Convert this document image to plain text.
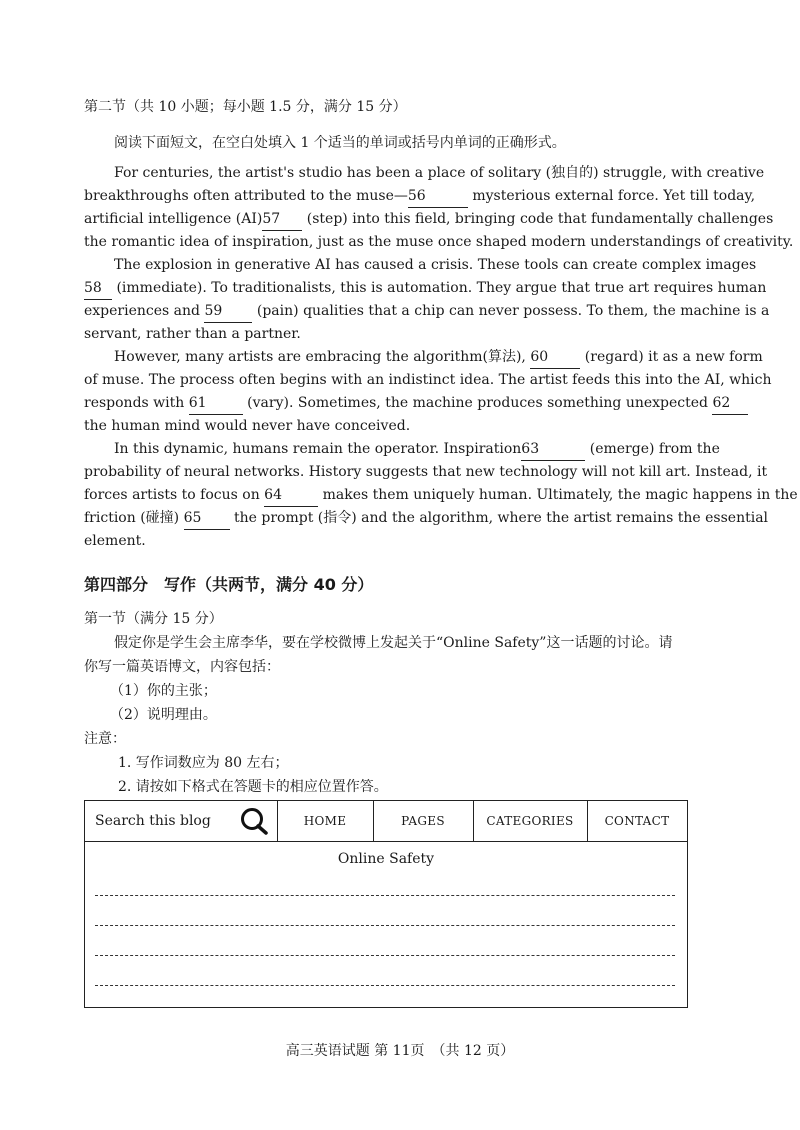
第二节（共 10 小题；每小题 1.5 分，满分 15 分）
阅读下面短文，在空白处填入 1 个适当的单词或括号内单词的正确形式。
For centuries, the artist's studio has been a place of solitary (独自的) struggle, with creative
breakthroughs often attributed to the muse—56	mysterious external force. Yet till today,
artificial intelligence (AI)57 (step) into this field, bringing code that fundamentally challenges
the romantic idea of inspiration, just as the muse once shaped modern understandings of creativity.
The explosion in generative AI has caused a crisis. These tools can create complex images
58 (immediate). To traditionalists, this is automation. They argue that true art requires human
experiences and 59 (pain) qualities that a chip can never possess. To them, the machine is a
servant, rather than a partner.
However, many artists are embracing the algorithm(算法), 60 (regard) it as a new form
of muse. The process often begins with an indistinct idea. The artist feeds this into the AI, which
responds with 61	(vary). Sometimes, the machine produces something unexpected 62
the human mind would never have conceived.
In this dynamic, humans remain the operator. Inspiration63	(emerge) from the
probability of neural networks. History suggests that new technology will not kill art. Instead, it
forces artists to focus on 64	makes them uniquely human. Ultimately, the magic happens in the
friction (碰撞) 65 the prompt (指令) and the algorithm, where the artist remains the essential
element.
第四部分　写作（共两节，满分 40 分）
第一节（满分 15 分）
假定你是学生会主席李华，要在学校微博上发起关于“Online Safety”这一话题的讨论。请
你写一篇英语博文，内容包括：
（1）你的主张；
（2）说明理由。
注意：
1. 写作词数应为 80 左右；
2. 请按如下格式在答题卡的相应位置作答。
Search this blog	HOME	PAGES	CATEGORIES	CONTACT
Online Safety
高三英语试题 第 11页　（共 12 页）
